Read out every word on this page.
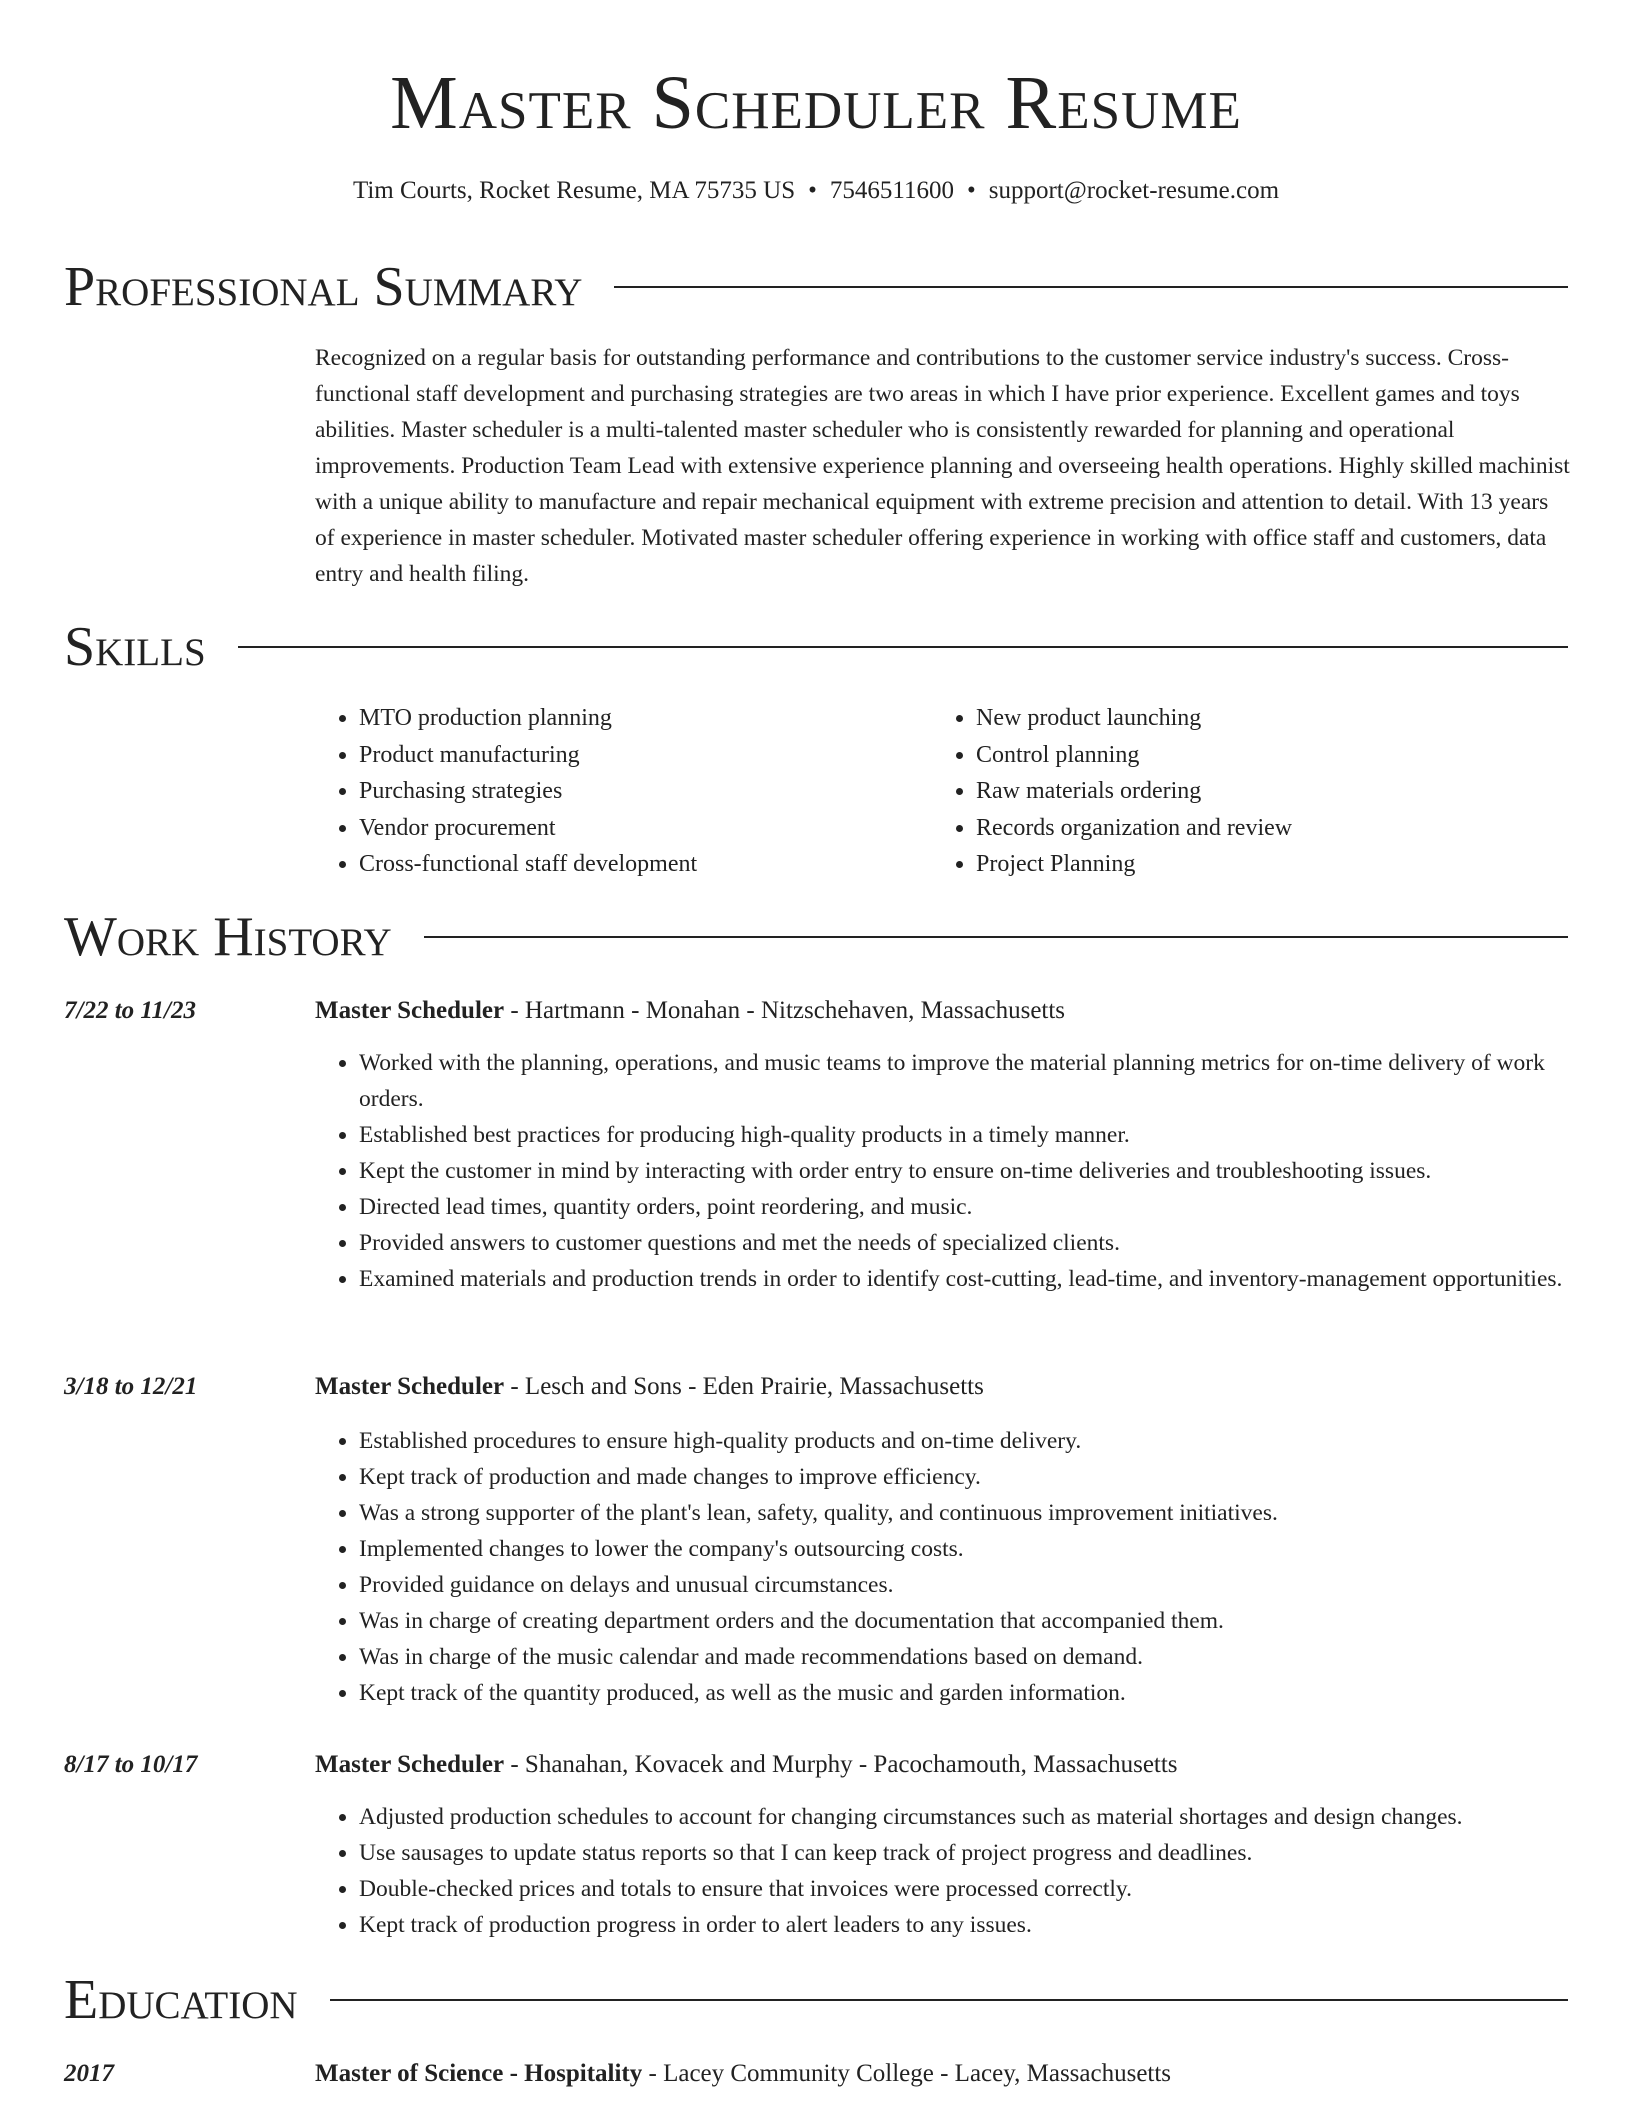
Master Scheduler Resume
Tim Courts, Rocket Resume, MA 75735 US • 7546511600 • support@rocket-resume.com
Professional Summary

Recognized on a regular basis for outstanding performance and contributions to the customer service industry's success. Cross-functional staff development and purchasing strategies are two areas in which I have prior experience. Excellent games and toys abilities. Master scheduler is a multi-talented master scheduler who is consistently rewarded for planning and operational improvements. Production Team Lead with extensive experience planning and overseeing health operations. Highly skilled machinist with a unique ability to manufacture and repair mechanical equipment with extreme precision and attention to detail. With 13 years of experience in master scheduler. Motivated master scheduler offering experience in working with office staff and customers, data entry and health filing.

Skills
• MTO production planning
• Product manufacturing
• Purchasing strategies
• Vendor procurement
• Cross-functional staff development
• New product launching
• Control planning
• Raw materials ordering
• Records organization and review
• Project Planning
Work History
7/22 to 11/23	Master Scheduler - Hartmann - Monahan - Nitzschehaven, Massachusetts
• Worked with the planning, operations, and music teams to improve the material planning metrics for on-time delivery of work orders.
• Established best practices for producing high-quality products in a timely manner.
• Kept the customer in mind by interacting with order entry to ensure on-time deliveries and troubleshooting issues.
• Directed lead times, quantity orders, point reordering, and music.
• Provided answers to customer questions and met the needs of specialized clients.
• Examined materials and production trends in order to identify cost-cutting, lead-time, and inventory-management opportunities.
3/18 to 12/21	Master Scheduler - Lesch and Sons - Eden Prairie, Massachusetts
• Established procedures to ensure high-quality products and on-time delivery.
• Kept track of production and made changes to improve efficiency.
• Was a strong supporter of the plant's lean, safety, quality, and continuous improvement initiatives.
• Implemented changes to lower the company's outsourcing costs.
• Provided guidance on delays and unusual circumstances.
• Was in charge of creating department orders and the documentation that accompanied them.
• Was in charge of the music calendar and made recommendations based on demand.
• Kept track of the quantity produced, as well as the music and garden information.
8/17 to 10/17	Master Scheduler - Shanahan, Kovacek and Murphy - Pacochamouth, Massachusetts
• Adjusted production schedules to account for changing circumstances such as material shortages and design changes.
• Use sausages to update status reports so that I can keep track of project progress and deadlines.
• Double-checked prices and totals to ensure that invoices were processed correctly.
• Kept track of production progress in order to alert leaders to any issues.
Education
2017	Master of Science - Hospitality - Lacey Community College - Lacey, Massachusetts
